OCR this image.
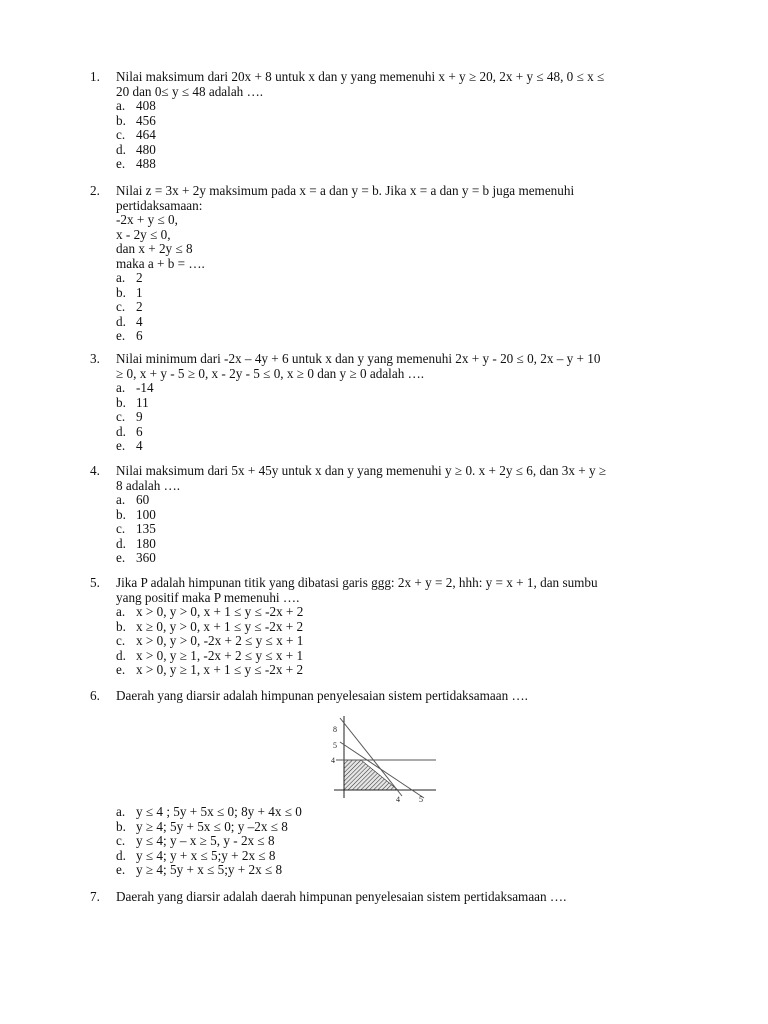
1. Nilai maksimum dari 20x + 8 untuk x dan y yang memenuhi x + y ≥ 20, 2x + y ≤ 48, 0 ≤ x ≤
20 dan 0≤ y ≤ 48 adalah ….
a. 408
b. 456
c. 464
d. 480
e. 488
2. Nilai z = 3x + 2y maksimum pada x = a dan y = b. Jika x = a dan y = b juga memenuhi
pertidaksamaan:
-2x + y ≤ 0,
x - 2y ≤ 0,
dan x + 2y ≤ 8
maka a + b = ….
a. 2
b. 1
c. 2
d. 4
e. 6
3. Nilai minimum dari -2x – 4y + 6 untuk x dan y yang memenuhi 2x + y - 20 ≤ 0, 2x – y + 10
≥ 0, x + y - 5 ≥ 0, x - 2y - 5 ≤ 0, x ≥ 0 dan y ≥ 0 adalah ….
a. -14
b. 11
c. 9
d. 6
e. 4
4. Nilai maksimum dari 5x + 45y untuk x dan y yang memenuhi y ≥ 0. x + 2y ≤ 6, dan 3x + y ≥
8 adalah ….
a. 60
b. 100
c. 135
d. 180
e. 360
5. Jika P adalah himpunan titik yang dibatasi garis ggg: 2x + y = 2, hhh: y = x + 1, dan sumbu
yang positif maka P memenuhi ….
a. x > 0, y > 0, x + 1 ≤ y ≤ -2x + 2
b. x ≥ 0, y > 0, x + 1 ≤ y ≤ -2x + 2
c. x > 0, y > 0, -2x + 2 ≤ y ≤ x + 1
d. x > 0, y ≥ 1, -2x + 2 ≤ y ≤ x + 1
e. x > 0, y ≥ 1, x + 1 ≤ y ≤ -2x + 2
6. Daerah yang diarsir adalah himpunan penyelesaian sistem pertidaksamaan ….
a. y ≤ 4 ; 5y + 5x ≤ 0; 8y + 4x ≤ 0
b. y ≥ 4; 5y + 5x ≤ 0; y –2x ≤ 8
c. y ≤ 4; y – x ≥ 5, y - 2x ≤ 8
d. y ≤ 4; y + x ≤ 5;y + 2x ≤ 8
e. y ≥ 4; 5y + x ≤ 5;y + 2x ≤ 8
8
5
4
4 5
7. Daerah yang diarsir adalah daerah himpunan penyelesaian sistem pertidaksamaan ….
